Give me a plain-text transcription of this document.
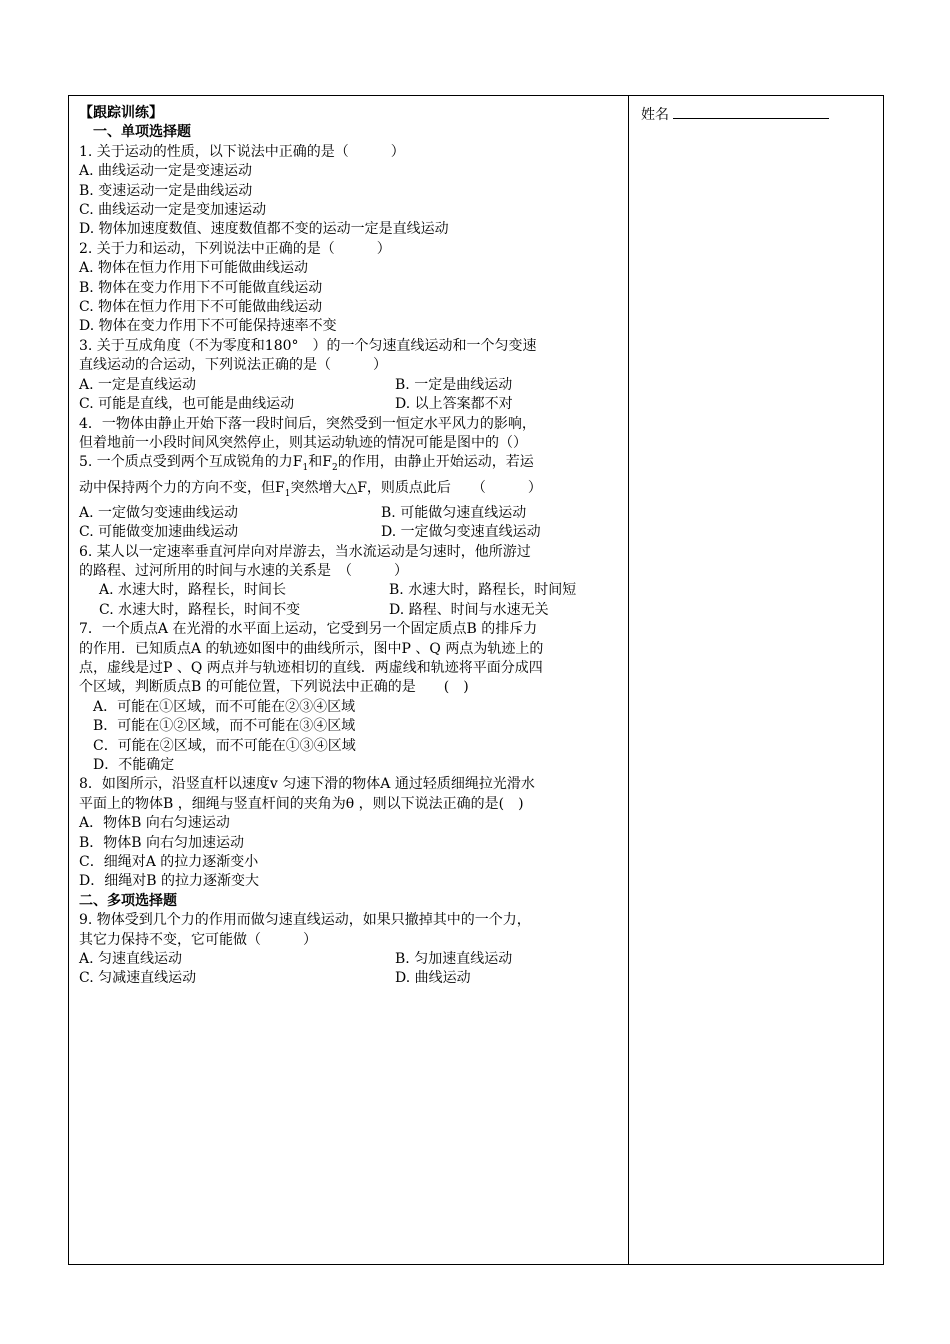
【跟踪训练】
一、单项选择题
1. 关于运动的性质，以下说法中正确的是（　　　）
A. 曲线运动一定是变速运动
B. 变速运动一定是曲线运动
C. 曲线运动一定是变加速运动
D. 物体加速度数值、速度数值都不变的运动一定是直线运动
2. 关于力和运动，下列说法中正确的是（　　　）
A. 物体在恒力作用下可能做曲线运动
B. 物体在变力作用下不可能做直线运动
C. 物体在恒力作用下不可能做曲线运动
D. 物体在变力作用下不可能保持速率不变
3. 关于互成角度（不为零度和180°　）的一个匀速直线运动和一个匀变速
直线运动的合运动，下列说法正确的是（　　　）
A. 一定是直线运动	B. 一定是曲线运动
C. 可能是直线，也可能是曲线运动	D. 以上答案都不对
4．一物体由静止开始下落一段时间后，突然受到一恒定水平风力的影响，
但着地前一小段时间风突然停止，则其运动轨迹的情况可能是图中的（）
5. 一个质点受到两个互成锐角的力$F_1$和$F_2$的作用，由静止开始运动，若运
动中保持两个力的方向不变，但$F_1$突然增大△F，则质点此后　　（　　　）
A. 一定做匀变速曲线运动	B. 可能做匀速直线运动
C. 可能做变加速曲线运动	D. 一定做匀变速直线运动
6. 某人以一定速率垂直河岸向对岸游去，当水流运动是匀速时，他所游过
的路程、过河所用的时间与水速的关系是　（　　　）
A. 水速大时，路程长，时间长	B. 水速大时，路程长，时间短
C. 水速大时，路程长，时间不变	D. 路程、时间与水速无关
7．一个质点A 在光滑的水平面上运动，它受到另一个固定质点B 的排斥力
的作用．已知质点A 的轨迹如图中的曲线所示，图中P 、Q 两点为轨迹上的
点，虚线是过P 、Q 两点并与轨迹相切的直线．两虚线和轨迹将平面分成四
个区域，判断质点B 的可能位置，下列说法中正确的是　　(　)
A．可能在①区域，而不可能在②③④区域
B．可能在①②区域，而不可能在③④区域
C．可能在②区域，而不可能在①③④区域
D．不能确定
8．如图所示，沿竖直杆以速度v 匀速下滑的物体A 通过轻质细绳拉光滑水
平面上的物体B ，细绳与竖直杆间的夹角为θ ，则以下说法正确的是(　)
A．物体B 向右匀速运动
B．物体B 向右匀加速运动
C．细绳对A 的拉力逐渐变小
D．细绳对B 的拉力逐渐变大
二、多项选择题
9. 物体受到几个力的作用而做匀速直线运动，如果只撤掉其中的一个力，
其它力保持不变，它可能做（　　　）
A. 匀速直线运动	B. 匀加速直线运动
C. 匀减速直线运动	D. 曲线运动
姓名
